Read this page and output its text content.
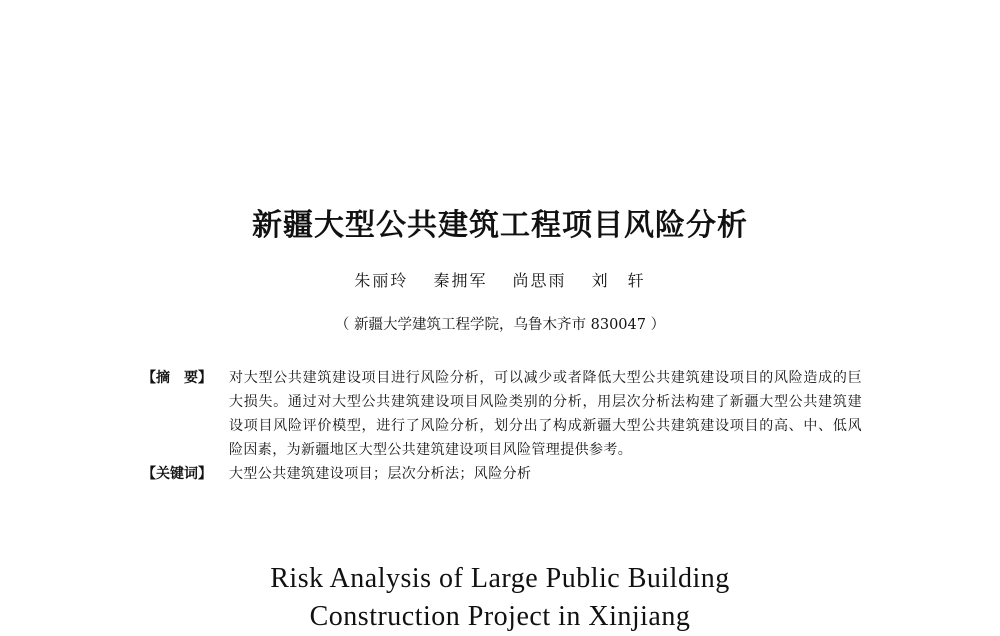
新疆大型公共建筑工程项目风险分析
朱丽玲 秦拥军 尚思雨 刘　轩
（ 新疆大学建筑工程学院，乌鲁木齐市 830047 ）
【摘　要】	对大型公共建筑建设项目进行风险分析，可以减少或者降低大型公共建筑建设项目的风险造成的巨大损失。通过对大型公共建筑建设项目风险类别的分析，用层次分析法构建了新疆大型公共建筑建设项目风险评价模型，进行了风险分析，划分出了构成新疆大型公共建筑建设项目的高、中、低风险因素，为新疆地区大型公共建筑建设项目风险管理提供参考。
【关键词】	大型公共建筑建设项目；层次分析法；风险分析
Risk Analysis of Large Public Building
Construction Project in Xinjiang
